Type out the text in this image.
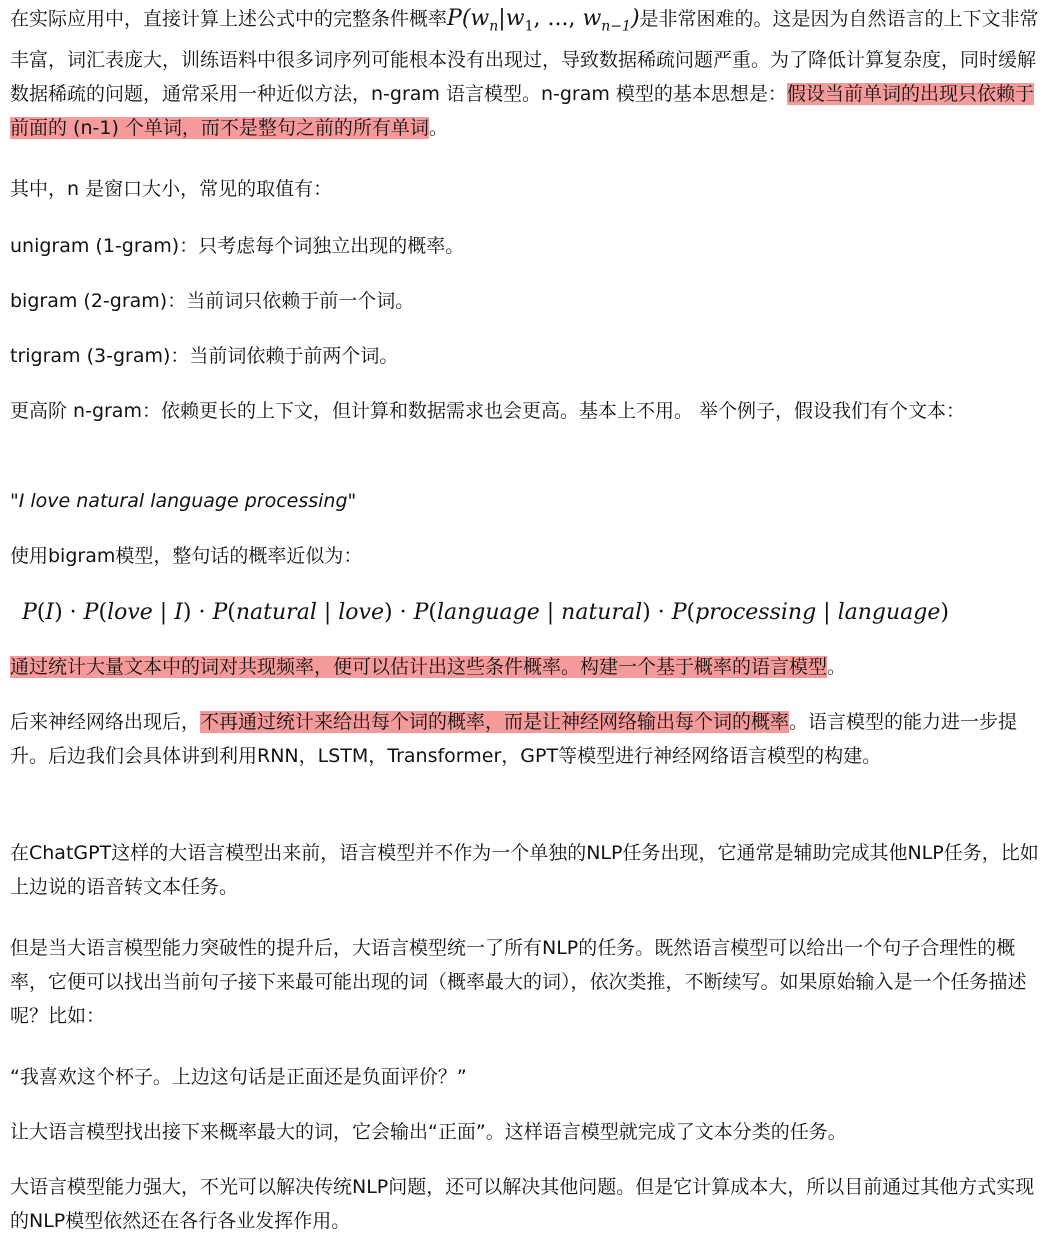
在实际应用中，直接计算上述公式中的完整条件概率$P(w_n|w_1$, ..., $w_{n-1}$)是非常困难的。这是因为自然语言的上下文非常丰富，词汇表庞大，训练语料中很多词序列可能根本没有出现过，导致数据稀疏问题严重。为了降低计算复杂度，同时缓解数据稀疏的问题，通常采用一种近似方法，n-gram 语言模型。n-gram 模型的基本思想是：假设当前单词的出现只依赖于前面的 (n-1) 个单词，而不是整句之前的所有单词。

其中，n 是窗口大小，常见的取值有：

unigram (1-gram)：只考虑每个词独立出现的概率。

bigram (2-gram)：当前词只依赖于前一个词。

trigram (3-gram)：当前词依赖于前两个词。

更高阶 n-gram：依赖更长的上下文，但计算和数据需求也会更高。基本上不用。 举个例子，假设我们有个文本：

"I love natural language processing"

使用bigram模型，整句话的概率近似为：

P(I) · P(love | I) · P(natural | love) · P(language | natural) · P(processing | language)

通过统计大量文本中的词对共现频率，便可以估计出这些条件概率。构建一个基于概率的语言模型。

后来神经网络出现后，不再通过统计来给出每个词的概率，而是让神经网络输出每个词的概率。语言模型的能力进一步提升。后边我们会具体讲到利用RNN，LSTM，Transformer，GPT等模型进行神经网络语言模型的构建。

在ChatGPT这样的大语言模型出来前，语言模型并不作为一个单独的NLP任务出现，它通常是辅助完成其他NLP任务，比如上边说的语音转文本任务。

但是当大语言模型能力突破性的提升后，大语言模型统一了所有NLP的任务。既然语言模型可以给出一个句子合理性的概率，它便可以找出当前句子接下来最可能出现的词（概率最大的词），依次类推，不断续写。如果原始输入是一个任务描述呢？比如：

“我喜欢这个杯子。上边这句话是正面还是负面评价？”

让大语言模型找出接下来概率最大的词，它会输出“正面”。这样语言模型就完成了文本分类的任务。

大语言模型能力强大，不光可以解决传统NLP问题，还可以解决其他问题。但是它计算成本大，所以目前通过其他方式实现的NLP模型依然还在各行各业发挥作用。
